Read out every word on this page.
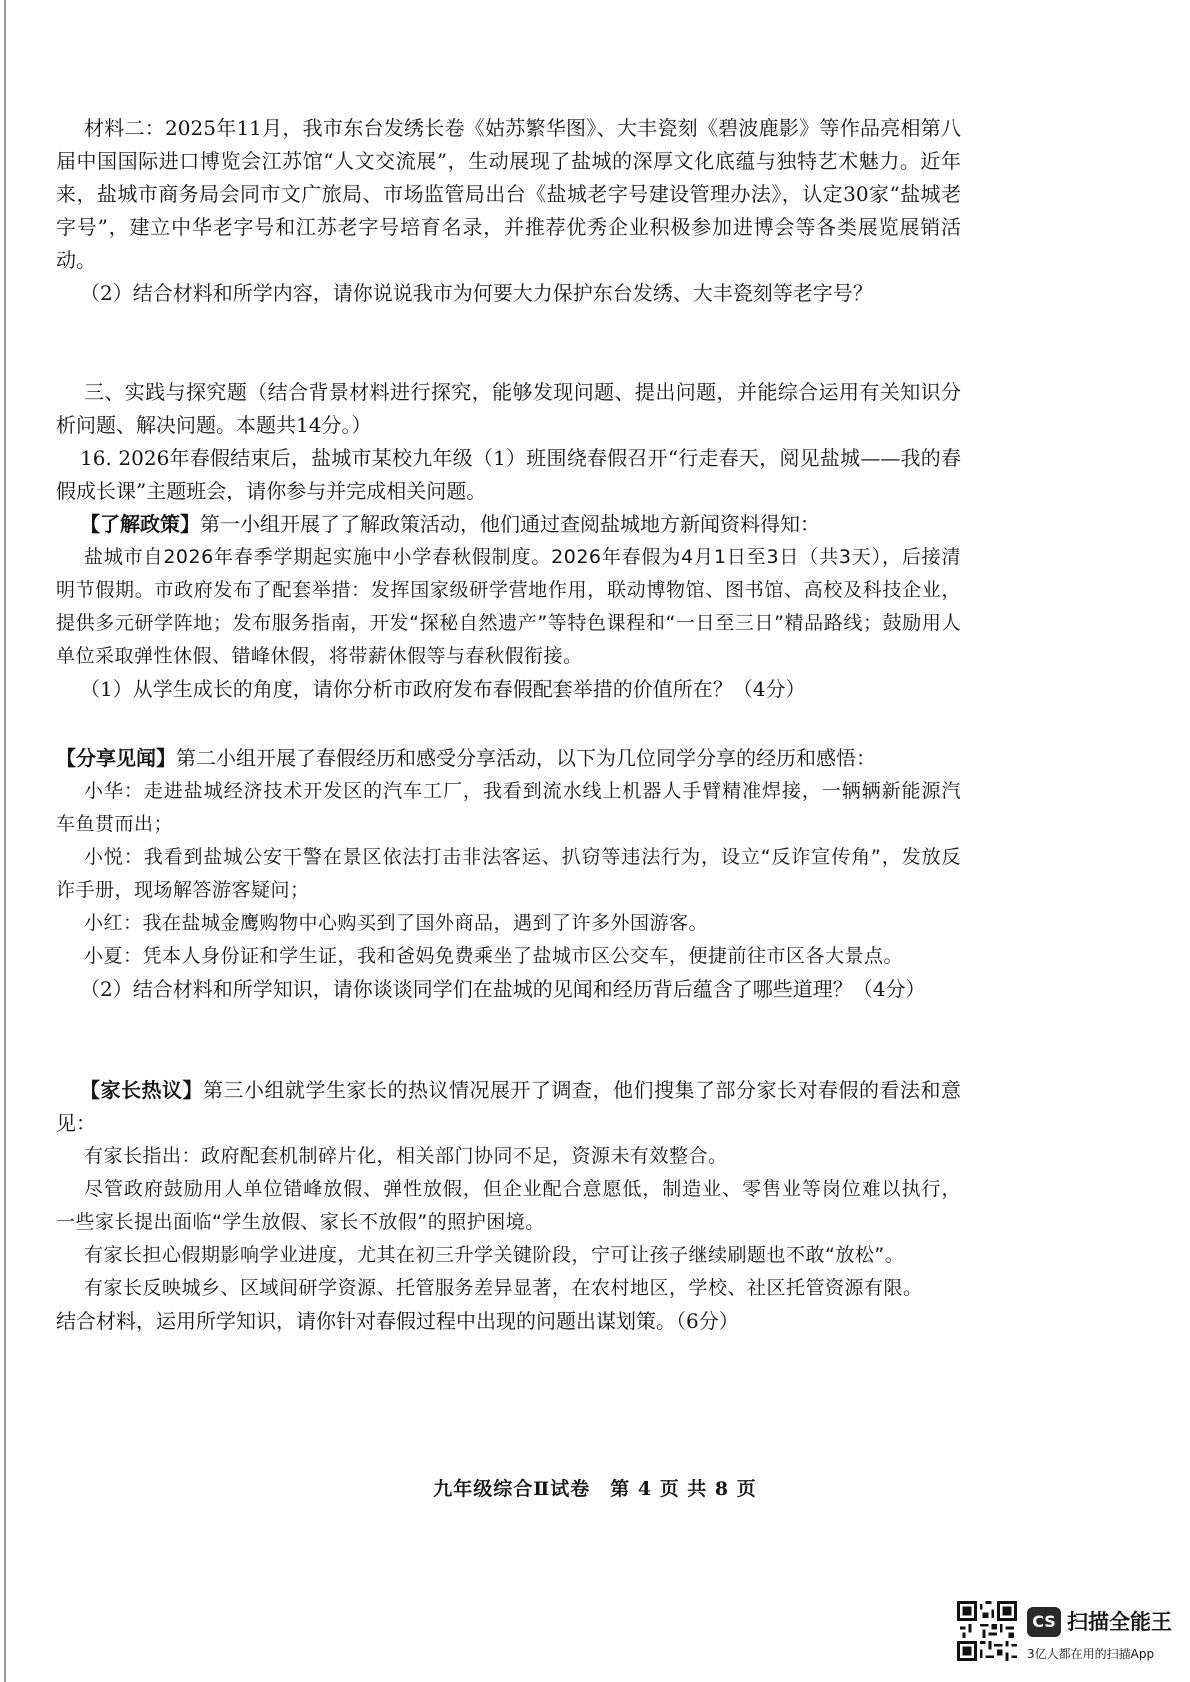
材料二：2025年11月，我市东台发绣长卷《姑苏繁华图》、大丰瓷刻《碧波鹿影》等作品亮相第八届中国国际进口博览会江苏馆“人文交流展”，生动展现了盐城的深厚文化底蕴与独特艺术魅力。近年来，盐城市商务局会同市文广旅局、市场监管局出台《盐城老字号建设管理办法》，认定30家“盐城老字号”，建立中华老字号和江苏老字号培育名录，并推荐优秀企业积极参加进博会等各类展览展销活动。

（2）结合材料和所学内容，请你说说我市为何要大力保护东台发绣、大丰瓷刻等老字号？

三、实践与探究题（结合背景材料进行探究，能够发现问题、提出问题，并能综合运用有关知识分析问题、解决问题。本题共14分。）

16. 2026年春假结束后，盐城市某校九年级（1）班围绕春假召开“行走春天，阅见盐城——我的春假成长课”主题班会，请你参与并完成相关问题。

【了解政策】第一小组开展了了解政策活动，他们通过查阅盐城地方新闻资料得知：

盐城市自2026年春季学期起实施中小学春秋假制度。2026年春假为4月1日至3日（共3天），后接清明节假期。市政府发布了配套举措：发挥国家级研学营地作用，联动博物馆、图书馆、高校及科技企业，提供多元研学阵地；发布服务指南，开发“探秘自然遗产”等特色课程和“一日至三日”精品路线；鼓励用人单位采取弹性休假、错峰休假，将带薪休假等与春秋假衔接。

（1）从学生成长的角度，请你分析市政府发布春假配套举措的价值所在？（4分）

【分享见闻】第二小组开展了春假经历和感受分享活动，以下为几位同学分享的经历和感悟：

小华：走进盐城经济技术开发区的汽车工厂，我看到流水线上机器人手臂精准焊接，一辆辆新能源汽车鱼贯而出；

小悦：我看到盐城公安干警在景区依法打击非法客运、扒窃等违法行为，设立“反诈宣传角”，发放反诈手册，现场解答游客疑问；

小红：我在盐城金鹰购物中心购买到了国外商品，遇到了许多外国游客。

小夏：凭本人身份证和学生证，我和爸妈免费乘坐了盐城市区公交车，便捷前往市区各大景点。

（2）结合材料和所学知识，请你谈谈同学们在盐城的见闻和经历背后蕴含了哪些道理？（4分）

【家长热议】第三小组就学生家长的热议情况展开了调查，他们搜集了部分家长对春假的看法和意见：

有家长指出：政府配套机制碎片化，相关部门协同不足，资源未有效整合。

尽管政府鼓励用人单位错峰放假、弹性放假，但企业配合意愿低，制造业、零售业等岗位难以执行，一些家长提出面临“学生放假、家长不放假”的照护困境。

有家长担心假期影响学业进度，尤其在初三升学关键阶段，宁可让孩子继续刷题也不敢“放松”。

有家长反映城乡、区域间研学资源、托管服务差异显著，在农村地区，学校、社区托管资源有限。

结合材料，运用所学知识，请你针对春假过程中出现的问题出谋划策。（6分）

九年级综合Ⅱ试卷　第 4 页 共 8 页
CS 扫描全能王
3亿人都在用的扫描App
